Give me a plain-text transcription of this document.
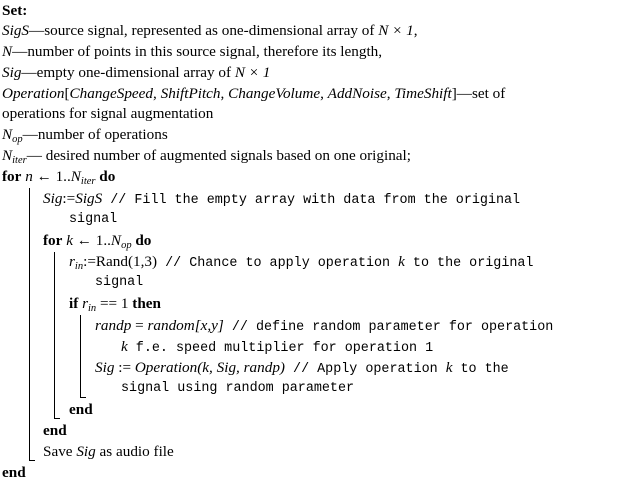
Set:
SigS—source signal, represented as one-dimensional array of N × 1,
N—number of points in this source signal, therefore its length,
Sig—empty one-dimensional array of N × 1
Operation[ChangeSpeed, ShiftPitch, ChangeVolume, AddNoise, TimeShift]—set of
operations for signal augmentation
$N_{op}—number$ of operations
$N_{iter}—$ desired number of augmented signals based on one original;
for n ← $1..N_{iter}$ do
Sig:=SigS // Fill the empty array with data from the original
signal
for k ← $1..N_{op}$ do
$r_{in}:=Rand(1,3)$ // Chance to apply operation k to the original
signal
if $r_{in} == 1$ then
randp = random[x,y] // define random parameter for operation
k f.e. speed multiplier for operation 1
Sig := Operation(k, Sig, randp) // Apply operation k to the
signal using random parameter
end
end
Save Sig as audio file
end
